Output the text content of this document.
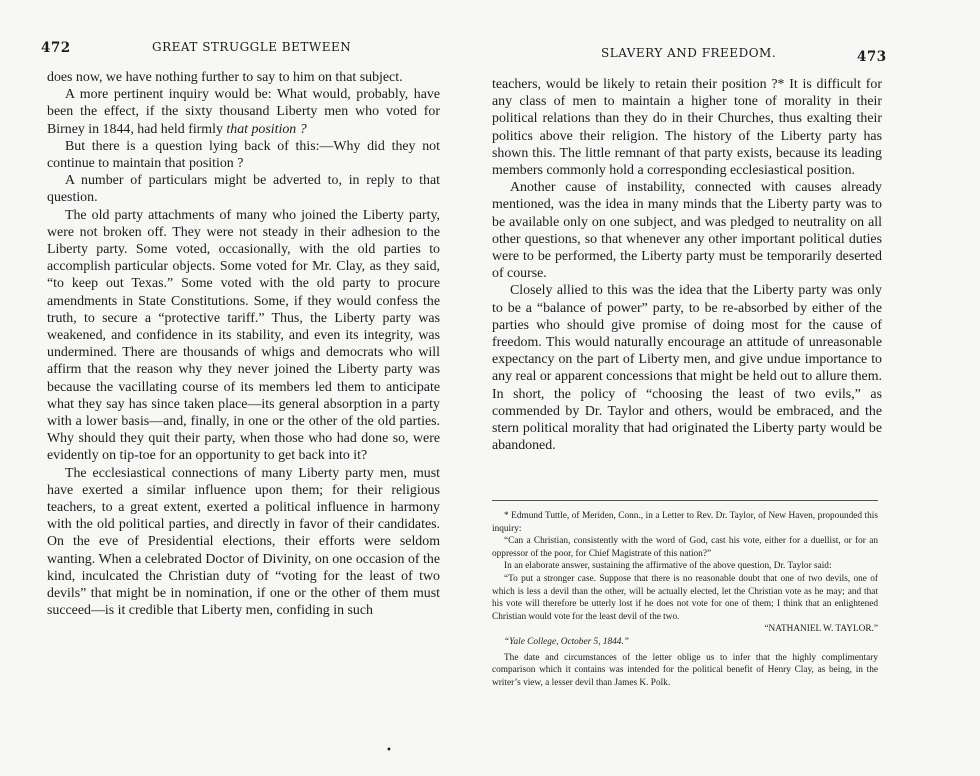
472	GREAT STRUGGLE BETWEEN

does now, we have nothing further to say to him on that subject.

A more pertinent inquiry would be: What would, probably, have been the effect, if the sixty thousand Liberty men who voted for Birney in 1844, had held firmly that position ?

But there is a question lying back of this:—Why did they not continue to maintain that position ?

A number of particulars might be adverted to, in reply to that question.

The old party attachments of many who joined the Liberty party, were not broken off. They were not steady in their adhesion to the Liberty party. Some voted, occasionally, with the old parties to accomplish particular objects. Some voted for Mr. Clay, as they said, “to keep out Texas.” Some voted with the old party to procure amendments in State Constitutions. Some, if they would confess the truth, to secure a “protective tariff.” Thus, the Liberty party was weakened, and confidence in its stability, and even its integrity, was undermined. There are thousands of whigs and democrats who will affirm that the reason why they never joined the Liberty party was because the vacillating course of its members led them to anticipate what they say has since taken place—its general absorption in a party with a lower basis—and, finally, in one or the other of the old parties. Why should they quit their party, when those who had done so, were evidently on tip-toe for an opportunity to get back into it?

The ecclesiastical connections of many Liberty party men, must have exerted a similar influence upon them; for their religious teachers, to a great extent, exerted a political influence in harmony with the old political parties, and directly in favor of their candidates. On the eve of Presidential elections, their efforts were seldom wanting. When a celebrated Doctor of Divinity, on one occasion of the kind, inculcated the Christian duty of “voting for the least of two devils” that might be in nomination, if one or the other of them must succeed—is it credible that Liberty men, confiding in such

SLAVERY AND FREEDOM.	473

teachers, would be likely to retain their position ?* It is difficult for any class of men to maintain a higher tone of morality in their political relations than they do in their Churches, thus exalting their politics above their religion. The history of the Liberty party has shown this. The little remnant of that party exists, because its leading members commonly hold a corresponding ecclesiastical position.

Another cause of instability, connected with causes already mentioned, was the idea in many minds that the Liberty party was to be available only on one subject, and was pledged to neutrality on all other questions, so that whenever any other important political duties were to be performed, the Liberty party must be temporarily deserted of course.

Closely allied to this was the idea that the Liberty party was only to be a “balance of power” party, to be re-absorbed by either of the parties who should give promise of doing most for the cause of freedom. This would naturally encourage an attitude of unreasonable expectancy on the part of Liberty men, and give undue importance to any real or apparent concessions that might be held out to allure them. In short, the policy of “choosing the least of two evils,” as commended by Dr. Taylor and others, would be embraced, and the stern political morality that had originated the Liberty party would be abandoned.

* Edmund Tuttle, of Meriden, Conn., in a Letter to Rev. Dr. Taylor, of New Haven, propounded this inquiry:

“Can a Christian, consistently with the word of God, cast his vote, either for a duellist, or for an oppressor of the poor, for Chief Magistrate of this nation?”

In an elaborate answer, sustaining the affirmative of the above question, Dr. Taylor said:

“To put a stronger case. Suppose that there is no reasonable doubt that one of two devils, one of which is less a devil than the other, will be actually elected, let the Christian vote as he may; and that his vote will therefore be utterly lost if he does not vote for one of them; I think that an enlightened Christian would vote for the least devil of the two.

“NATHANIEL W. TAYLOR.”

“Yale College, October 5, 1844.”

The date and circumstances of the letter oblige us to infer that the highly complimentary comparison which it contains was intended for the political benefit of Henry Clay, as being, in the writer’s view, a lesser devil than James K. Polk.

•
